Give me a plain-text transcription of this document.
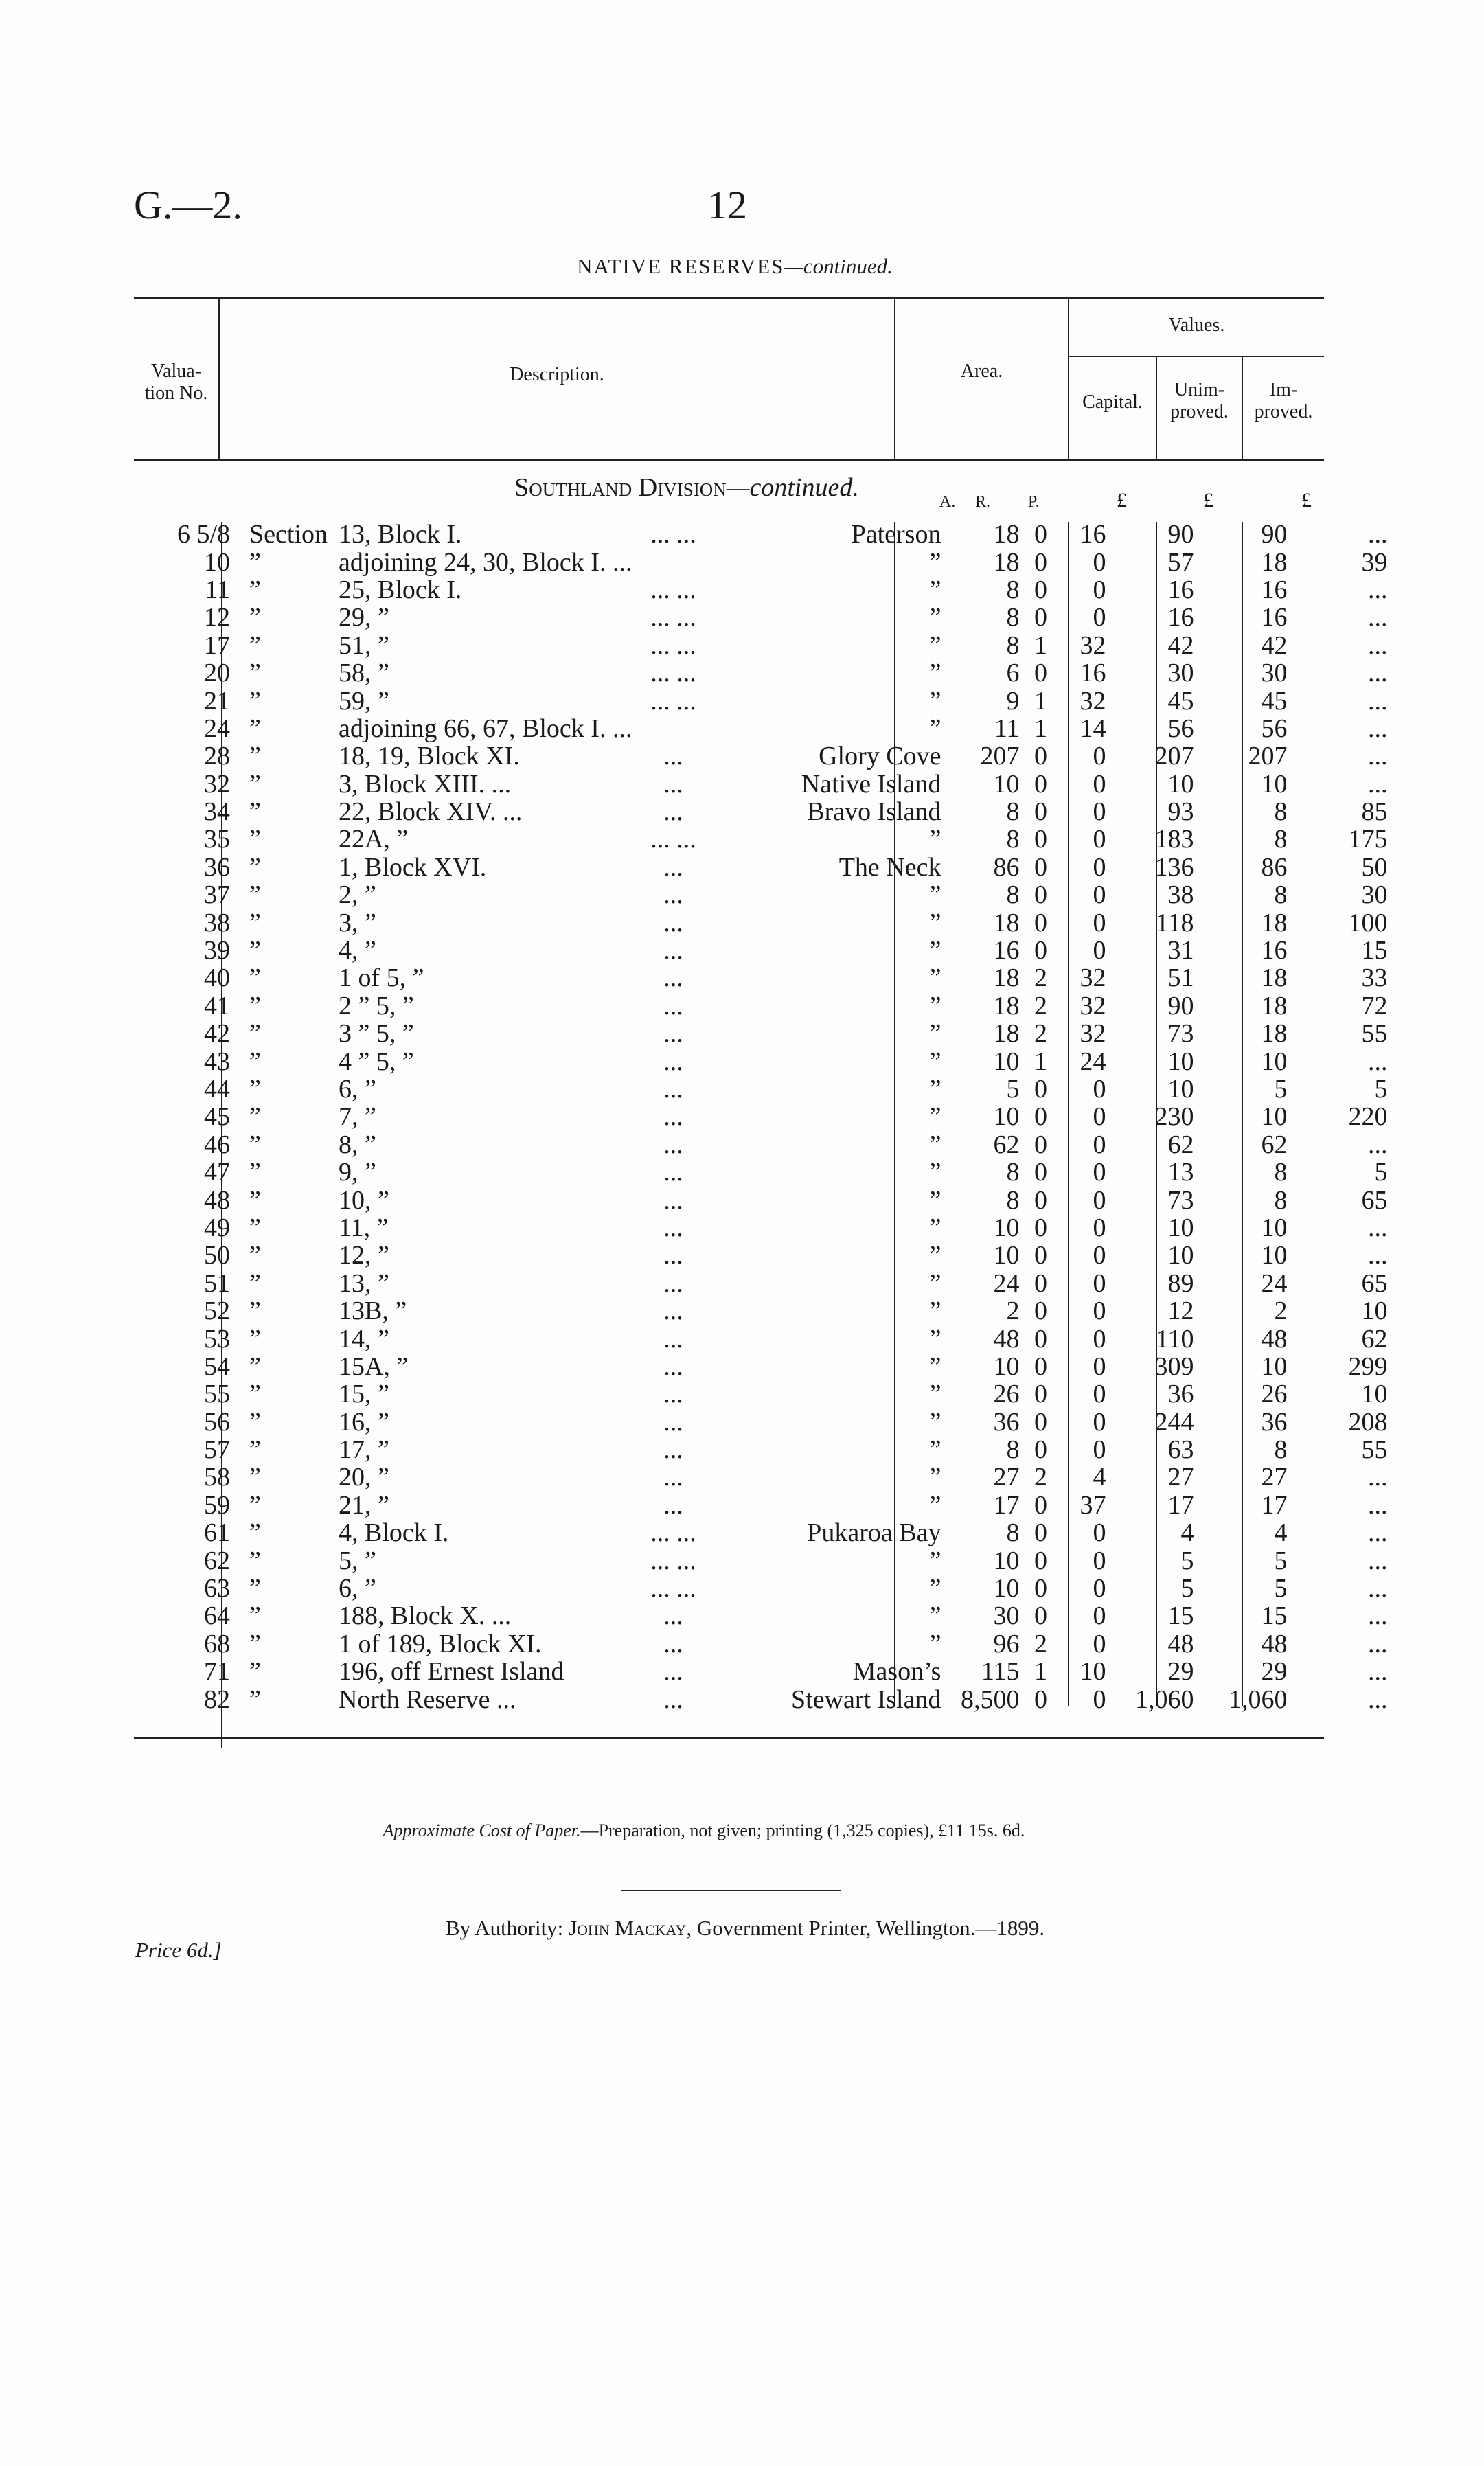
G.—2.	12
NATIVE RESERVES—continued.
Valua-
tion No.
Description.	Area.
Values.
Capital.
Unim-
proved.
Im-
proved.
Southland Division—continued.	A. R. P.	£	£	£
6 5/8	Section	13, Block I.	... ...	Paterson	18	0	16	90	90	...
10	”	adjoining 24, 30, Block I. ...		”	18	0	0	57	18	39
11	”	25, Block I.	... ...	”	8	0	0	16	16	...
12	”	29, ”	... ...	”	8	0	0	16	16	...
17	”	51, ”	... ...	”	8	1	32	42	42	...
20	”	58, ”	... ...	”	6	0	16	30	30	...
21	”	59, ”	... ...	”	9	1	32	45	45	...
24	”	adjoining 66, 67, Block I. ...		”	11	1	14	56	56	...
28	”	18, 19, Block XI.	...	Glory Cove	207	0	0	207	207	...
32	”	3, Block XIII. ...	...	Native Island	10	0	0	10	10	...
34	”	22, Block XIV. ...	...	Bravo Island	8	0	0	93	8	85
35	”	22A, ”	... ...	”	8	0	0	183	8	175
36	”	1, Block XVI.	...	The Neck	86	0	0	136	86	50
37	”	2, ”	...	”	8	0	0	38	8	30
38	”	3, ”	...	”	18	0	0	118	18	100
39	”	4, ”	...	”	16	0	0	31	16	15
40	”	1 of 5, ”	...	”	18	2	32	51	18	33
41	”	2 ” 5, ”	...	”	18	2	32	90	18	72
42	”	3 ” 5, ”	...	”	18	2	32	73	18	55
43	”	4 ” 5, ”	...	”	10	1	24	10	10	...
44	”	6, ”	...	”	5	0	0	10	5	5
45	”	7, ”	...	”	10	0	0	230	10	220
46	”	8, ”	...	”	62	0	0	62	62	...
47	”	9, ”	...	”	8	0	0	13	8	5
48	”	10, ”	...	”	8	0	0	73	8	65
49	”	11, ”	...	”	10	0	0	10	10	...
50	”	12, ”	...	”	10	0	0	10	10	...
51	”	13, ”	...	”	24	0	0	89	24	65
52	”	13B, ”	...	”	2	0	0	12	2	10
53	”	14, ”	...	”	48	0	0	110	48	62
54	”	15A, ”	...	”	10	0	0	309	10	299
55	”	15, ”	...	”	26	0	0	36	26	10
56	”	16, ”	...	”	36	0	0	244	36	208
57	”	17, ”	...	”	8	0	0	63	8	55
58	”	20, ”	...	”	27	2	4	27	27	...
59	”	21, ”	...	”	17	0	37	17	17	...
61	”	4, Block I.	... ...	Pukaroa Bay	8	0	0	4	4	...
62	”	5, ”	... ...	”	10	0	0	5	5	...
63	”	6, ”	... ...	”	10	0	0	5	5	...
64	”	188, Block X. ...	...	”	30	0	0	15	15	...
68	”	1 of 189, Block XI.	...	”	96	2	0	48	48	...
71	”	196, off Ernest Island	...	Mason’s	115	1	10	29	29	...
82	”	North Reserve ...	...	Stewart Island	8,500	0	0	1,060	1,060	...
Approximate Cost of Paper.—Preparation, not given; printing (1,325 copies), £11 15s. 6d.
By Authority: John Mackay, Government Printer, Wellington.—1899.
Price 6d.]
